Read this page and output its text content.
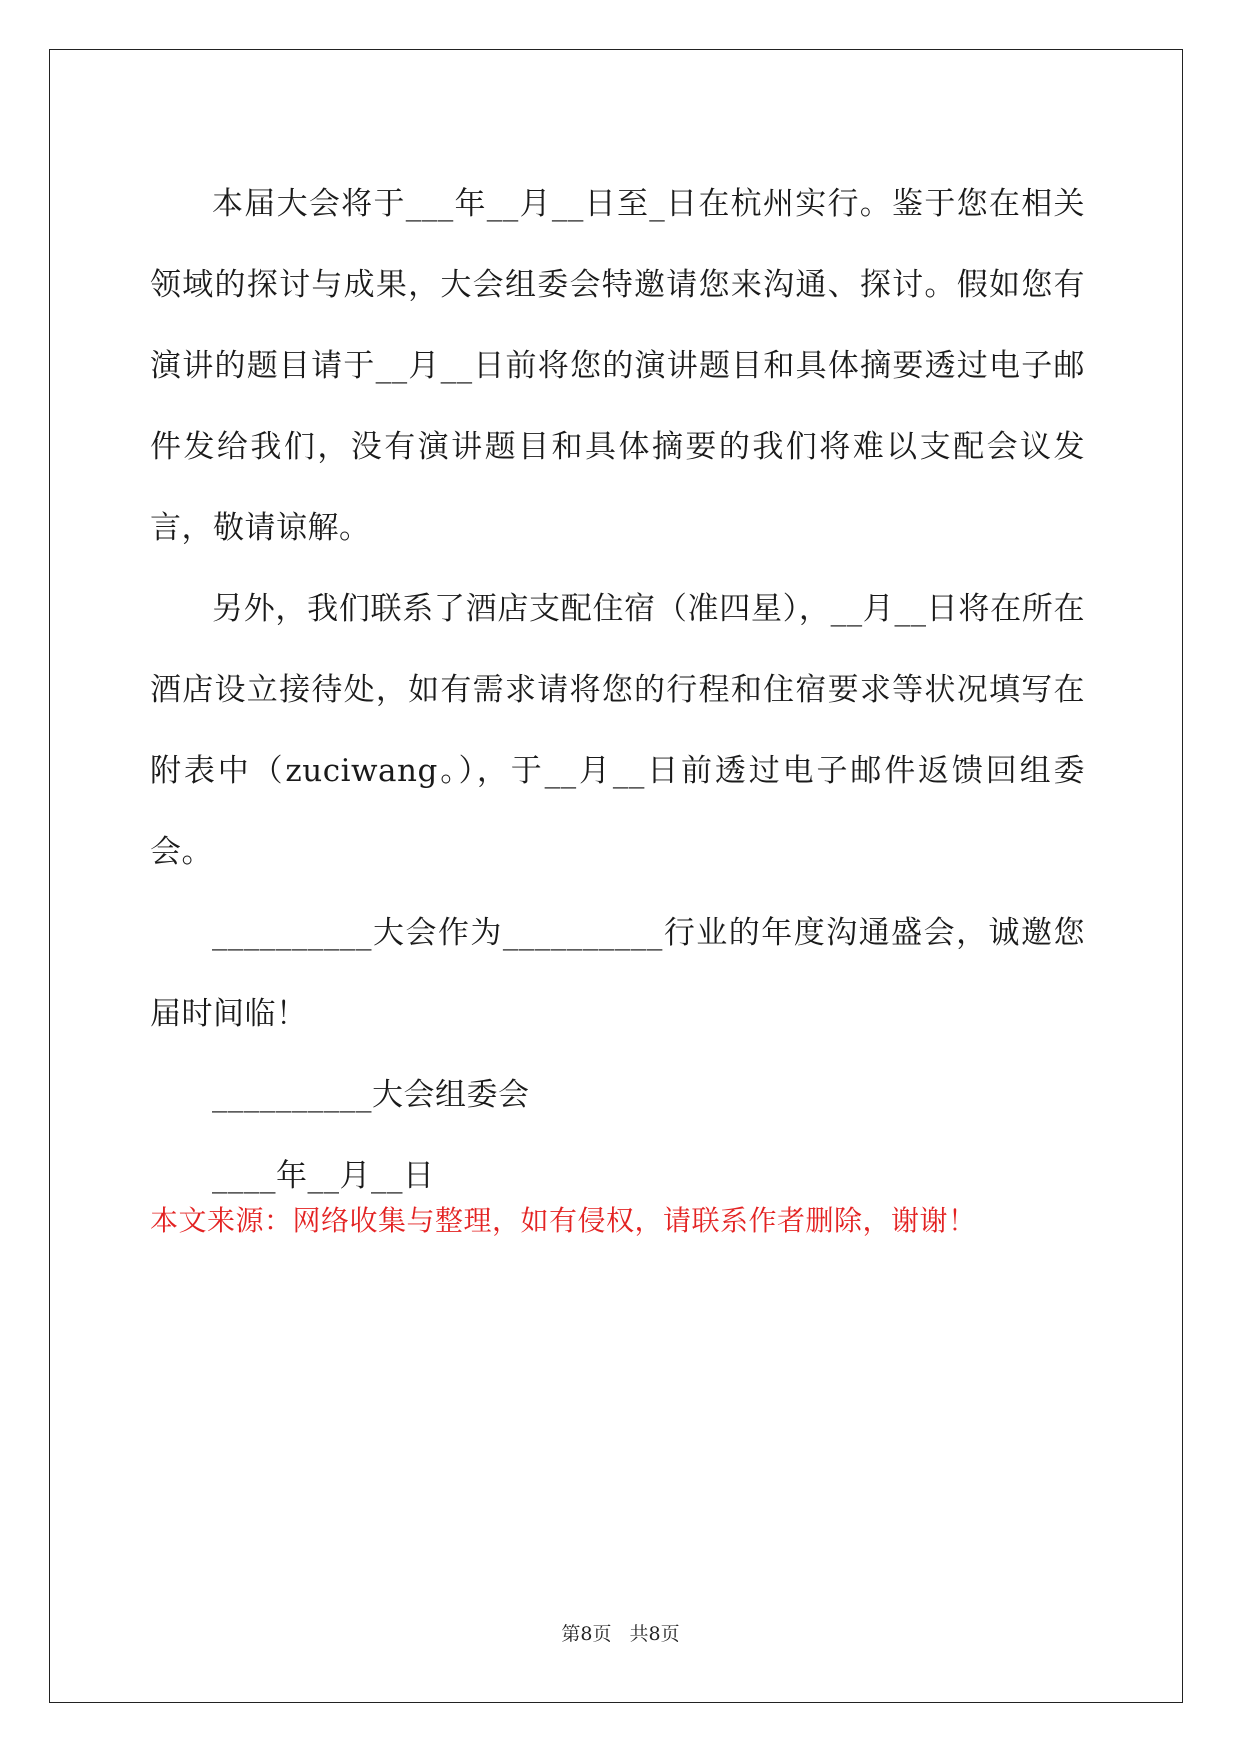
本届大会将于___年__月__日至_日在杭州实行。鉴于您在相关领域的探讨与成果，大会组委会特邀请您来沟通、探讨。假如您有演讲的题目请于__月__日前将您的演讲题目和具体摘要透过电子邮件发给我们，没有演讲题目和具体摘要的我们将难以支配会议发言，敬请谅解。

另外，我们联系了酒店支配住宿（准四星），__月__日将在所在酒店设立接待处，如有需求请将您的行程和住宿要求等状况填写在附表中（zuciwang。），于__月__日前透过电子邮件返馈回组委会。

__________大会作为__________行业的年度沟通盛会，诚邀您届时间临！

__________大会组委会

____年__月__日

本文来源：网络收集与整理，如有侵权，请联系作者删除，谢谢！
第8页 共8页
